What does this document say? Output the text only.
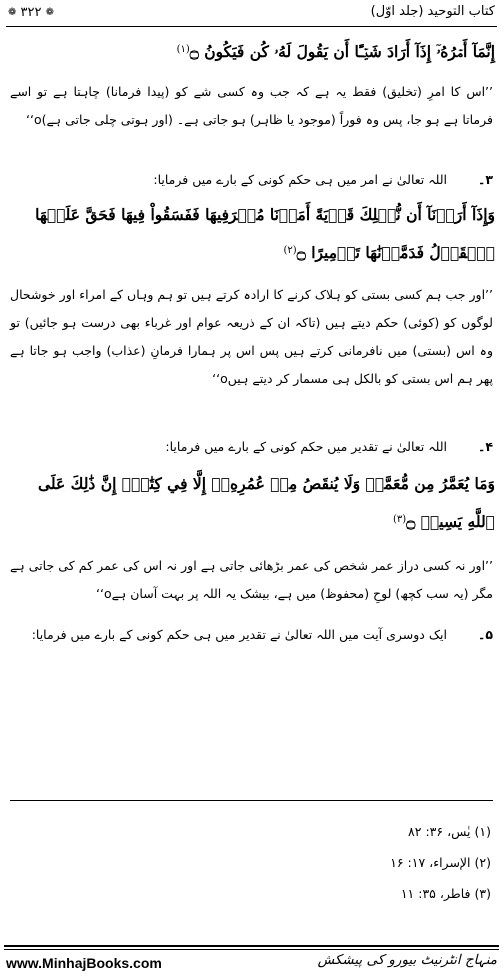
کتاب التوحید (جلد اوّل)
❁ ۳۲۲ ❁
إِنَّمَآ أَمۡرُهُۥٓ إِذَآ أَرَادَ شَيۡـًٔا أَن يَقُولَ لَهُۥ كُن فَيَكُونُ ۝$^{(۱)}$
’’اس کا امرِ (تخلیق) فقط یہ ہے کہ جب وہ کسی شے کو (پیدا فرمانا) چاہتا ہے تو اسے فرماتا ہے ہو جا، پس وہ فوراً (موجود یا ظاہر) ہو جاتی ہے۔ (اور ہوتی چلی جاتی ہے)o‘‘
۳۔
اللہ تعالیٰ نے امر میں ہی حکم کونی کے بارے میں فرمایا:
وَإِذَآ أَرَدۡنَآ أَن نُّهۡلِكَ قَرۡيَةً أَمَرۡنَا مُتۡرَفِيهَا فَفَسَقُواْ فِيهَا فَحَقَّ عَلَيۡهَا ٱلۡقَوۡلُ فَدَمَّرۡنَٰهَا تَدۡمِيرًا ۝$^{(۲)}$
’’اور جب ہم کسی بستی کو ہلاک کرنے کا ارادہ کرتے ہیں تو ہم وہاں کے امراء اور خوشحال لوگوں کو (کوئی) حکم دیتے ہیں (تاکہ ان کے ذریعہ عوام اور غرباء بھی درست ہو جائیں) تو وہ اس (بستی) میں نافرمانی کرتے ہیں پس اس پر ہمارا فرمانِ (عذاب) واجب ہو جاتا ہے پھر ہم اس بستی کو بالکل ہی مسمار کر دیتے ہیںo‘‘
۴۔
اللہ تعالیٰ نے تقدیر میں حکم کونی کے بارے میں فرمایا:
وَمَا يُعَمَّرُ مِن مُّعَمَّرٖ وَلَا يُنقَصُ مِنۡ عُمُرِهِۦٓ إِلَّا فِي كِتَٰبٍۚ إِنَّ ذَٰلِكَ عَلَى ٱللَّهِ يَسِيرٞ ۝$^{(۳)}$
’’اور نہ کسی دراز عمر شخص کی عمر بڑھائی جاتی ہے اور نہ اس کی عمر کم کی جاتی ہے مگر (یہ سب کچھ) لوحِ (محفوظ) میں ہے، بیشک یہ اللہ پر بہت آسان ہےo‘‘
۵۔
ایک دوسری آیت میں اللہ تعالیٰ نے تقدیر میں ہی حکم کونی کے بارے میں فرمایا:
(۱) یٰس، ۳۶: ۸۲
(۲) الإسراء، ۱۷: ۱۶
(۳) فاطر، ۳۵: ۱۱
www.MinhajBooks.com	منہاج انٹرنیٹ بیورو کی پیشکش
